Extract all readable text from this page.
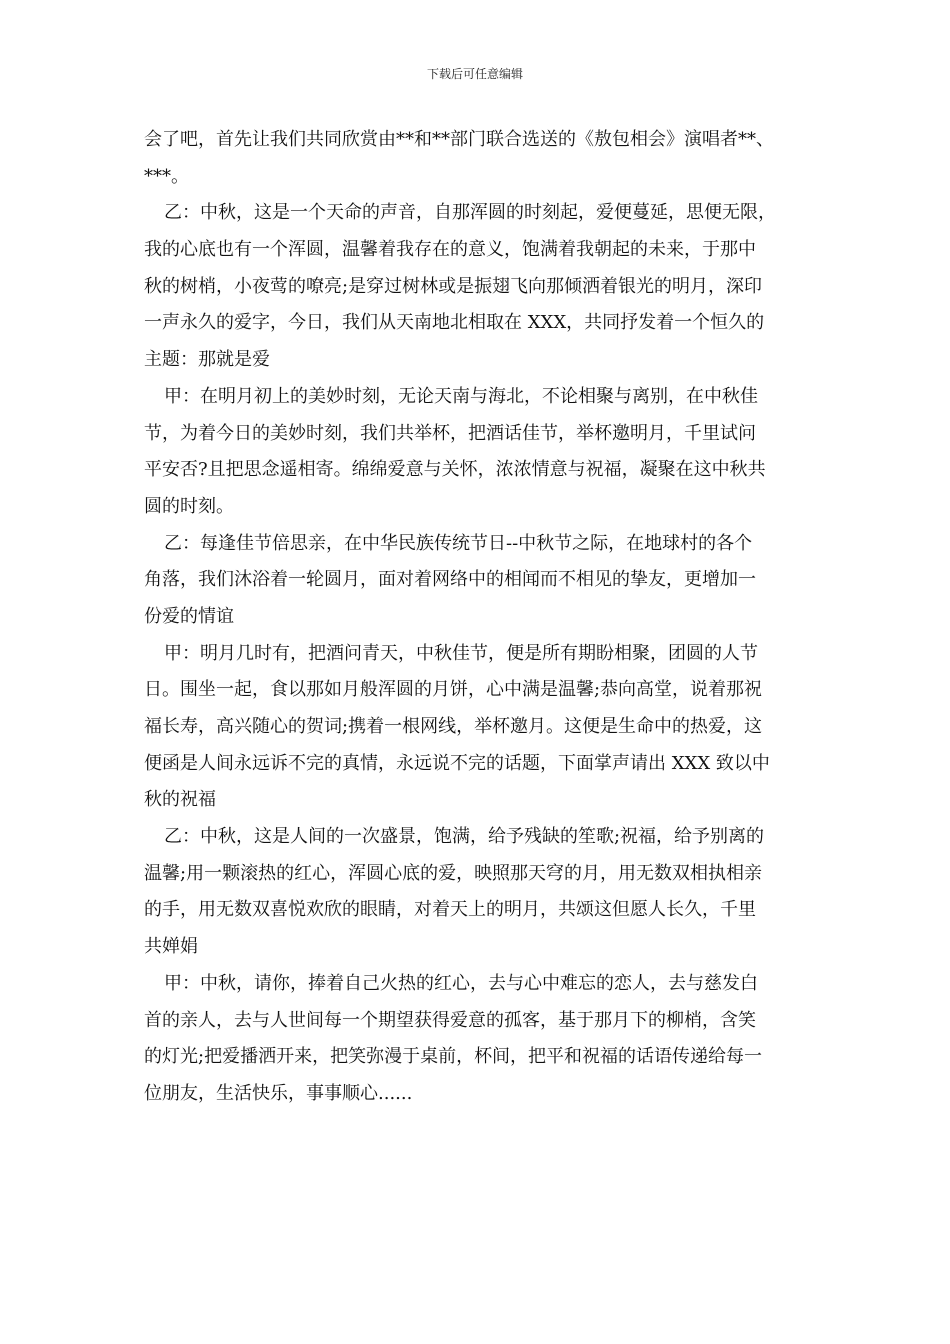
下载后可任意编辑
会了吧，首先让我们共同欣赏由**和**部门联合选送的《敖包相会》演唱者**、
***。
乙：中秋，这是一个天命的声音，自那浑圆的时刻起，爱便蔓延，思便无限，
我的心底也有一个浑圆，温馨着我存在的意义，饱满着我朝起的未来，于那中
秋的树梢，小夜莺的嘹亮;是穿过树林或是振翅飞向那倾洒着银光的明月，深印
一声永久的爱字，今日，我们从天南地北相取在 XXX，共同抒发着一个恒久的
主题：那就是爱
甲：在明月初上的美妙时刻，无论天南与海北，不论相聚与离别，在中秋佳
节，为着今日的美妙时刻，我们共举杯，把酒话佳节，举杯邀明月，千里试问
平安否?且把思念遥相寄。绵绵爱意与关怀，浓浓情意与祝福，凝聚在这中秋共
圆的时刻。
乙：每逢佳节倍思亲，在中华民族传统节日--中秋节之际，在地球村的各个
角落，我们沐浴着一轮圆月，面对着网络中的相闻而不相见的挚友，更增加一
份爱的情谊
甲：明月几时有，把酒问青天，中秋佳节，便是所有期盼相聚，团圆的人节
日。围坐一起，食以那如月般浑圆的月饼，心中满是温馨;恭向高堂，说着那祝
福长寿，高兴随心的贺词;携着一根网线，举杯邀月。这便是生命中的热爱，这
便函是人间永远诉不完的真情，永远说不完的话题，下面掌声请出 XXX 致以中
秋的祝福
乙：中秋，这是人间的一次盛景，饱满，给予残缺的笙歌;祝福，给予别离的
温馨;用一颗滚热的红心，浑圆心底的爱，映照那天穹的月，用无数双相执相亲
的手，用无数双喜悦欢欣的眼睛，对着天上的明月，共颂这但愿人长久，千里
共婵娟
甲：中秋，请你，捧着自己火热的红心，去与心中难忘的恋人，去与慈发白
首的亲人，去与人世间每一个期望获得爱意的孤客，基于那月下的柳梢，含笑
的灯光;把爱播洒开来，把笑弥漫于桌前，杯间，把平和祝福的话语传递给每一
位朋友，生活快乐，事事顺心......
